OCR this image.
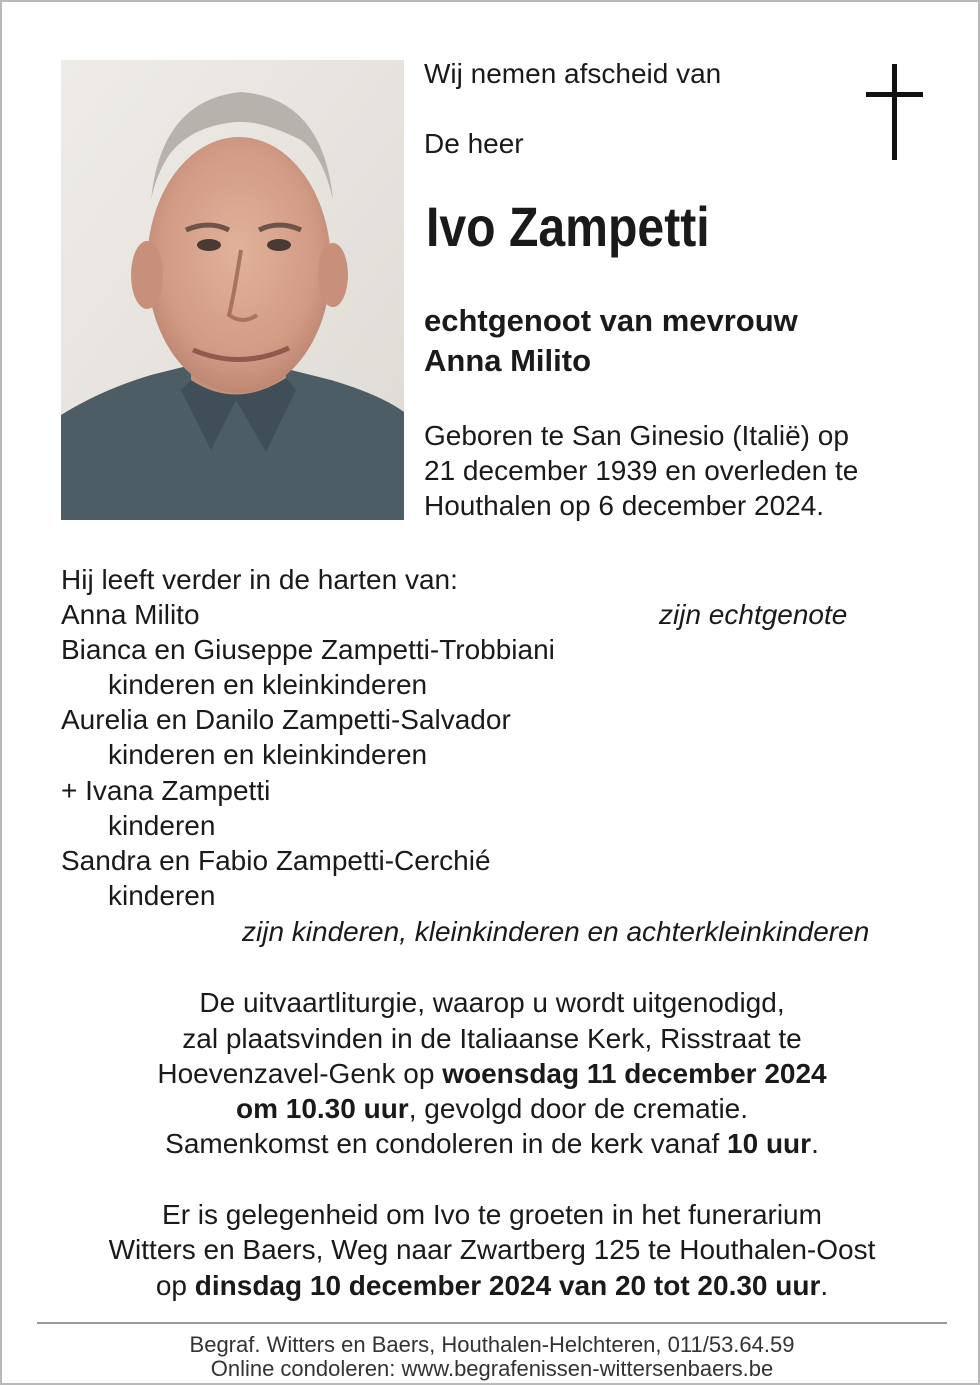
Wij nemen afscheid van
De heer
Ivo Zampetti
echtgenoot van mevrouw
Anna Milito
Geboren te San Ginesio (Italië) op
21 december 1939 en overleden te
Houthalen op 6 december 2024.
Hij leeft verder in de harten van:
Anna Milito	zijn echtgenote
Bianca en Giuseppe Zampetti-Trobbiani
kinderen en kleinkinderen
Aurelia en Danilo Zampetti-Salvador
kinderen en kleinkinderen
+ Ivana Zampetti
kinderen
Sandra en Fabio Zampetti-Cerchié
kinderen
zijn kinderen, kleinkinderen en achterkleinkinderen
De uitvaartliturgie, waarop u wordt uitgenodigd,
zal plaatsvinden in de Italiaanse Kerk, Risstraat te
Hoevenzavel-Genk op woensdag 11 december 2024
om 10.30 uur, gevolgd door de crematie.
Samenkomst en condoleren in de kerk vanaf 10 uur.
Er is gelegenheid om Ivo te groeten in het funerarium
Witters en Baers, Weg naar Zwartberg 125 te Houthalen-Oost
op dinsdag 10 december 2024 van 20 tot 20.30 uur.
Begraf. Witters en Baers, Houthalen-Helchteren, 011/53.64.59
Online condoleren: www.begrafenissen-wittersenbaers.be
